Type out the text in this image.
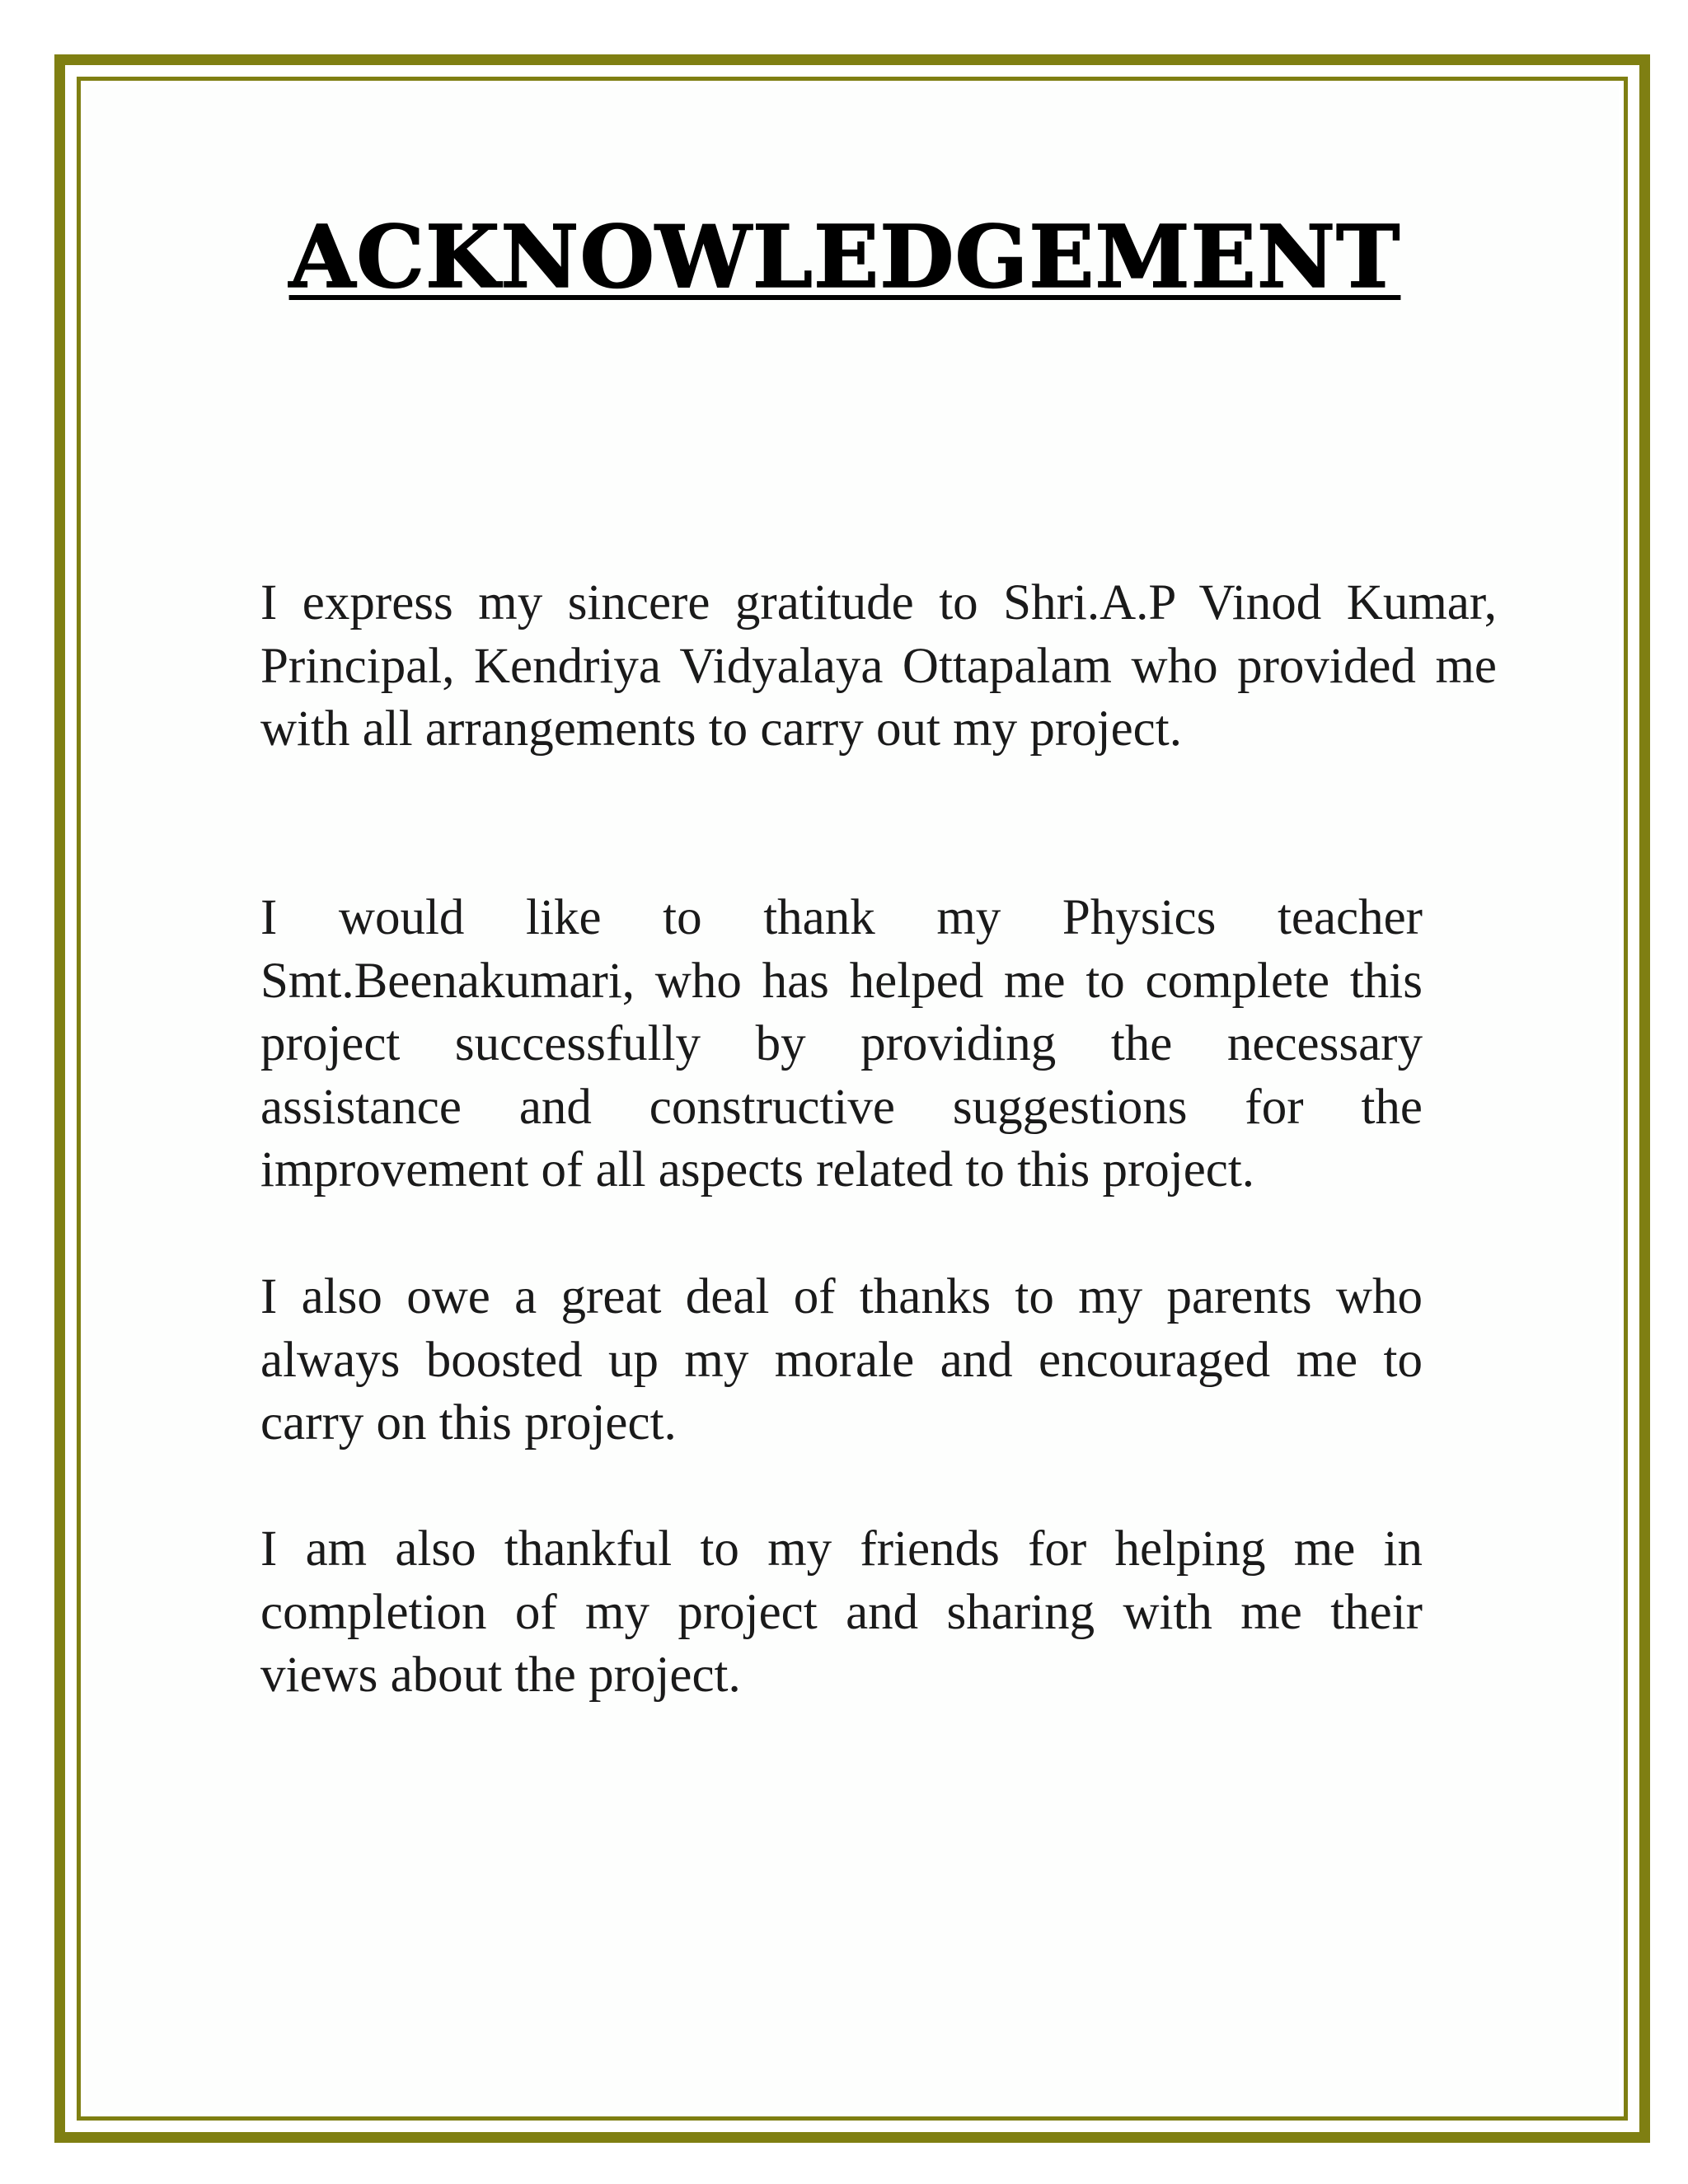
ACKNOWLEDGEMENT

I express my sincere gratitude to Shri.A.P Vinod Kumar, Principal, Kendriya Vidyalaya Ottapalam who provided me with all arrangements to carry out my project.

I would like to thank my Physics teacher Smt.Beenakumari, who has helped me to complete this project successfully by providing the necessary assistance and constructive suggestions for the improvement of all aspects related to this project.

I also owe a great deal of thanks to my parents who always boosted up my morale and encouraged me to carry on this project.

I am also thankful to my friends for helping me in completion of my project and sharing with me their views about the project.
